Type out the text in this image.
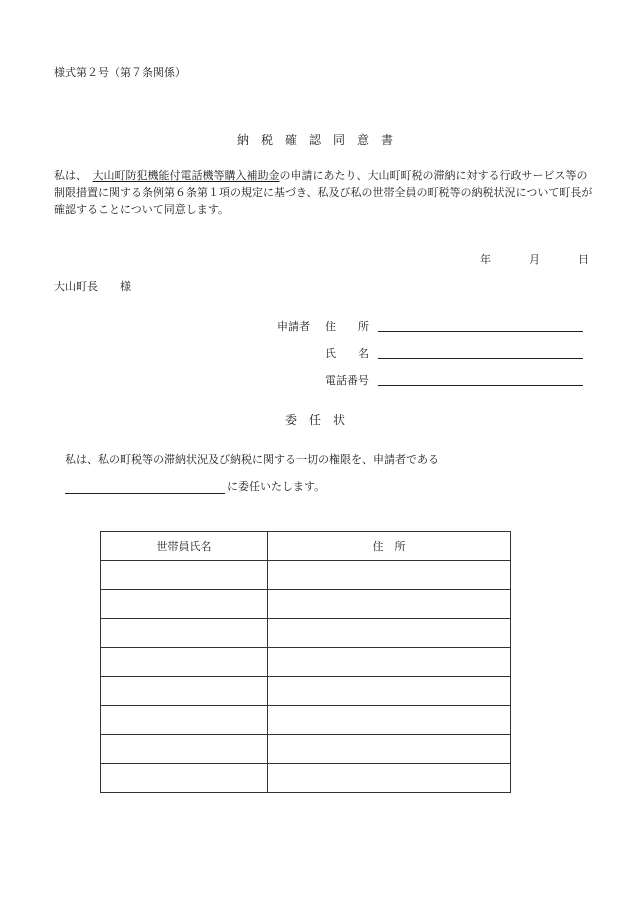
様式第２号（第７条関係）
納　税　確　認　同　意　書
私は、　大山町防犯機能付電話機等購入補助金の申請にあたり、大山町町税の滞納に対する行政サービス等の制限措置に関する条例第６条第１項の規定に基づき、私及び私の世帯全員の町税等の納税状況について町長が確認することについて同意します。
年	月	日
大山町長　　様
申請者 住　　所
氏　　名
電話番号
委　任　状
私は、私の町税等の滞納状況及び納税に関する一切の権限を、申請者である
に委任いたします。
世帯員氏名	住　所
